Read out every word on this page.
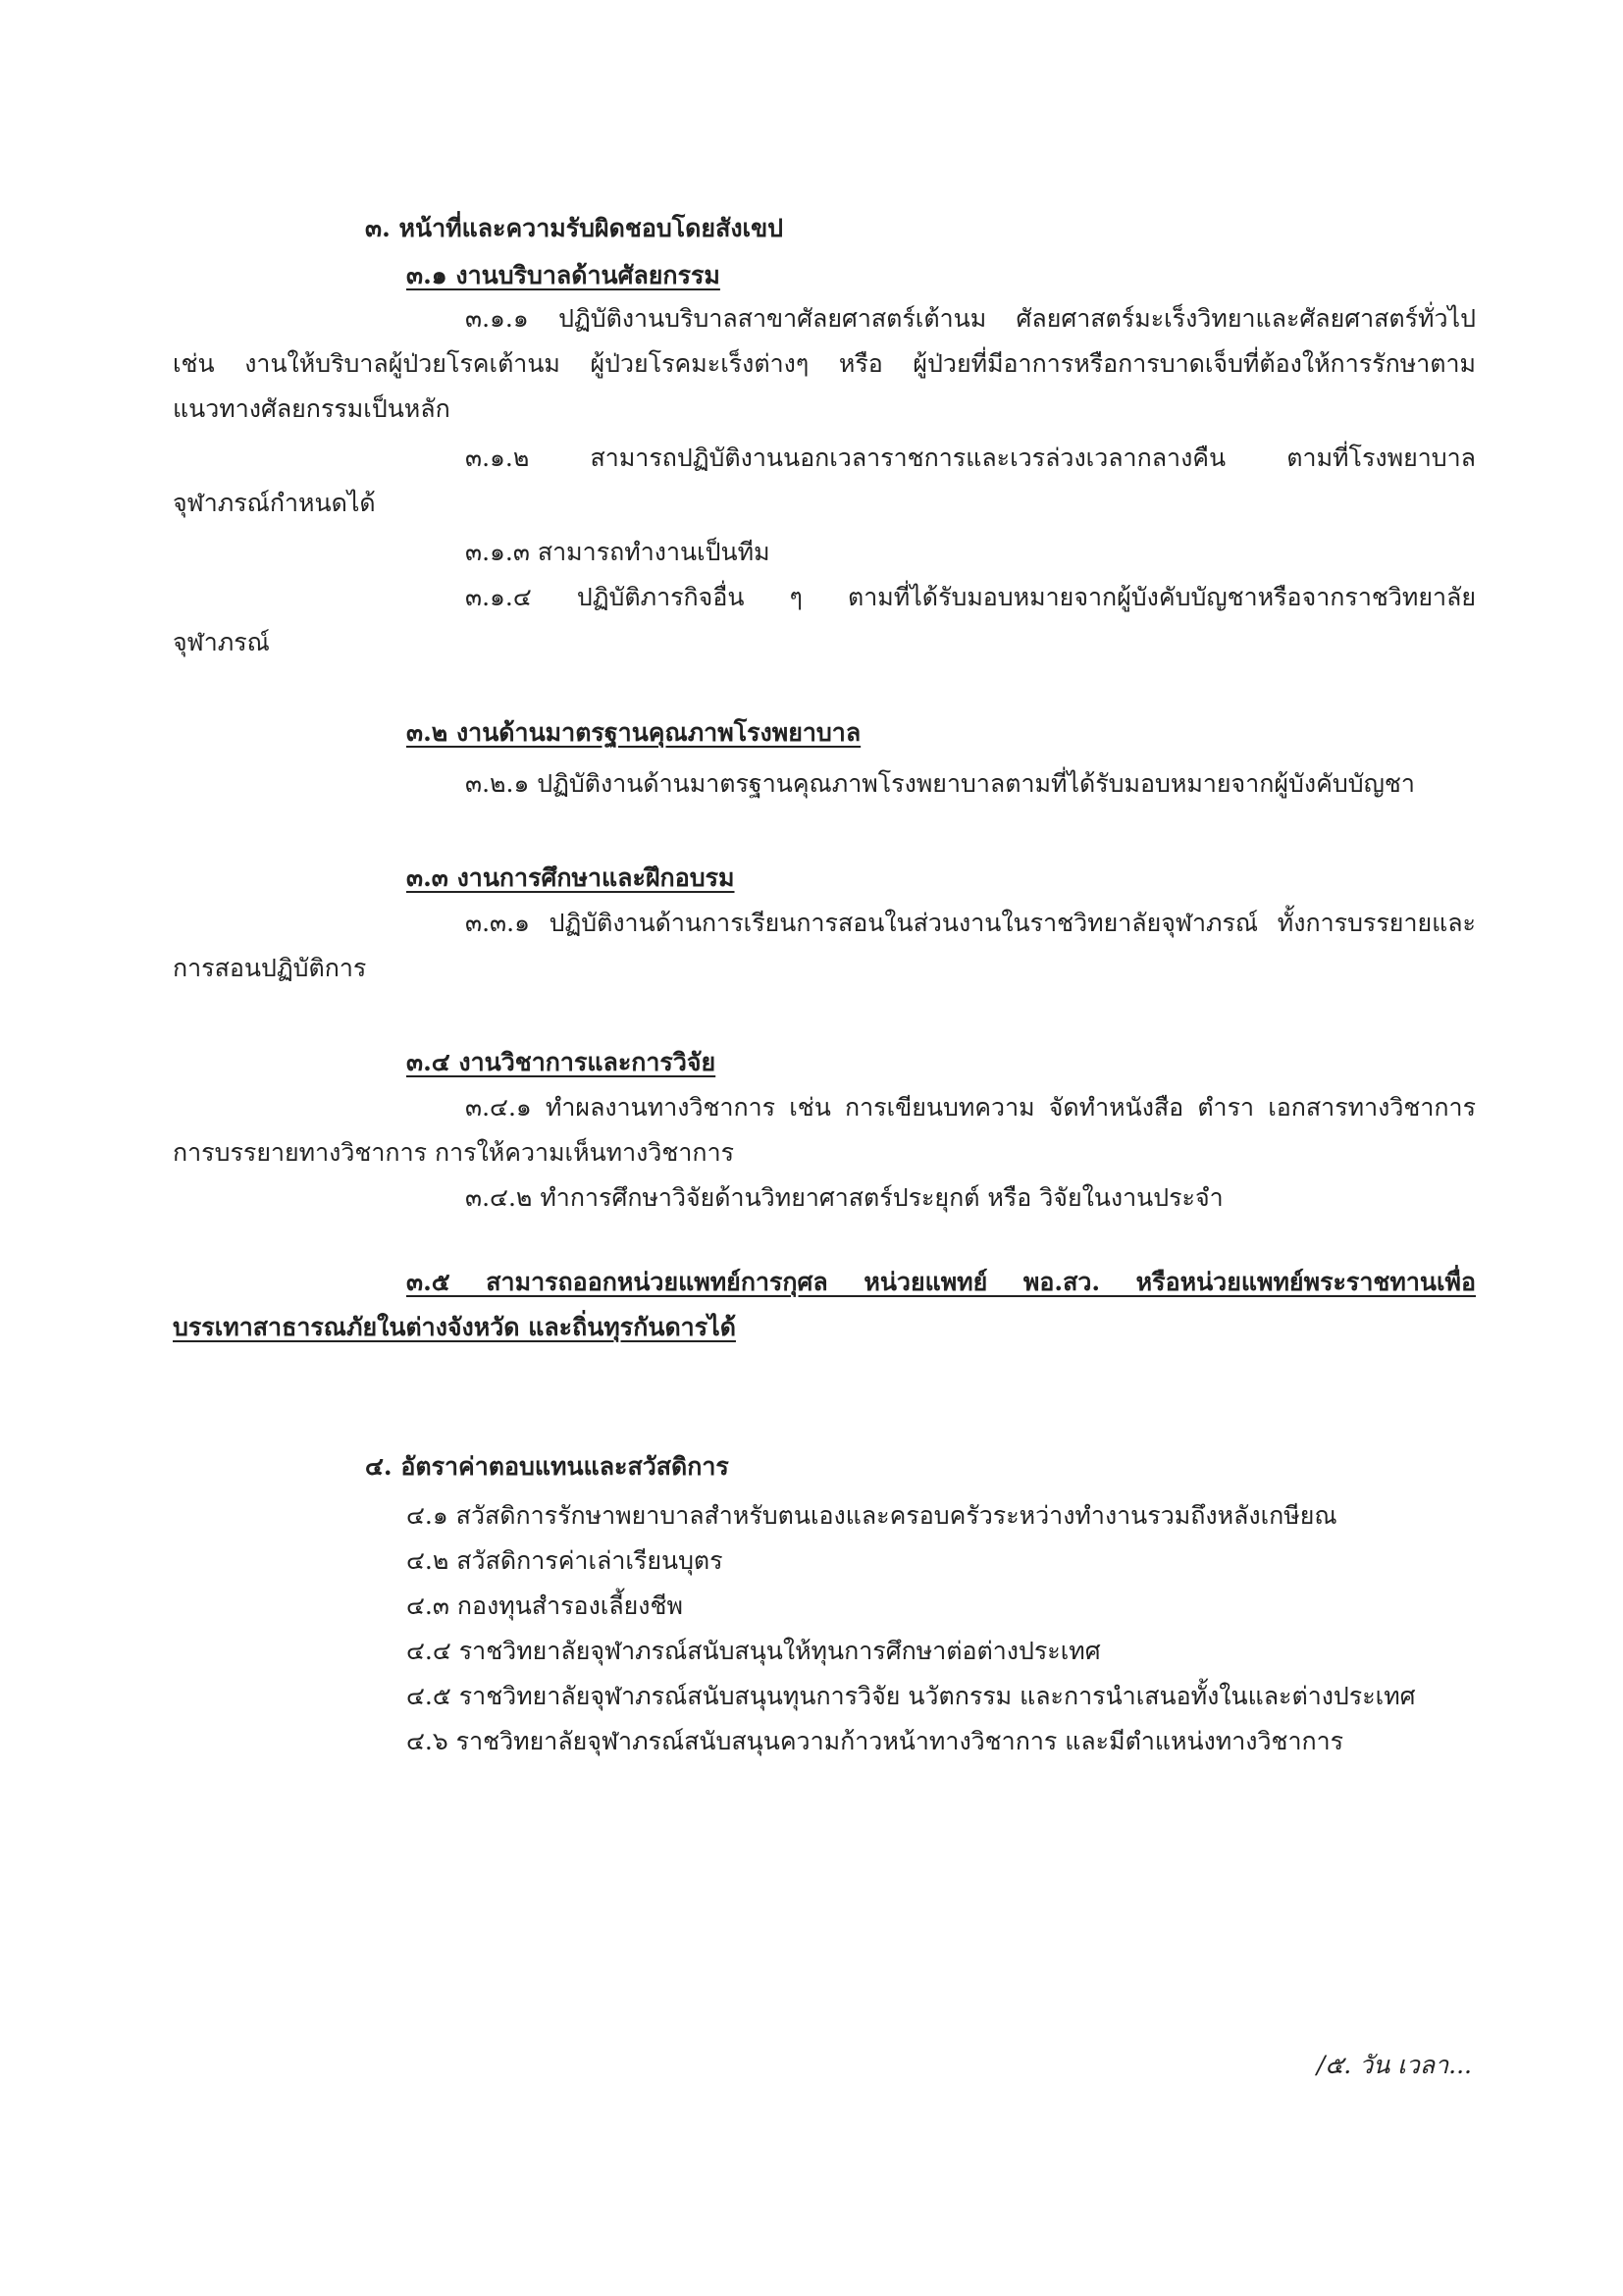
๓. หน้าที่และความรับผิดชอบโดยสังเขป
๓.๑ งานบริบาลด้านศัลยกรรม
๓.๑.๑ ปฏิบัติงานบริบาลสาขาศัลยศาสตร์เต้านม ศัลยศาสตร์มะเร็งวิทยาและศัลยศาสตร์ทั่วไป
เช่น งานให้บริบาลผู้ป่วยโรคเต้านม ผู้ป่วยโรคมะเร็งต่างๆ หรือ ผู้ป่วยที่มีอาการหรือการบาดเจ็บที่ต้องให้การรักษาตาม
แนวทางศัลยกรรมเป็นหลัก
๓.๑.๒ สามารถปฏิบัติงานนอกเวลาราชการและเวรล่วงเวลากลางคืน ตามที่โรงพยาบาล
จุฬาภรณ์กำหนดได้
๓.๑.๓ สามารถทำงานเป็นทีม
๓.๑.๔ ปฏิบัติภารกิจอื่น ๆ ตามที่ได้รับมอบหมายจากผู้บังคับบัญชาหรือจากราชวิทยาลัย
จุฬาภรณ์
๓.๒ งานด้านมาตรฐานคุณภาพโรงพยาบาล
๓.๒.๑ ปฏิบัติงานด้านมาตรฐานคุณภาพโรงพยาบาลตามที่ได้รับมอบหมายจากผู้บังคับบัญชา
๓.๓ งานการศึกษาและฝึกอบรม
๓.๓.๑ ปฏิบัติงานด้านการเรียนการสอนในส่วนงานในราชวิทยาลัยจุฬาภรณ์ ทั้งการบรรยายและ
การสอนปฏิบัติการ
๓.๔ งานวิชาการและการวิจัย
๓.๔.๑ ทำผลงานทางวิชาการ เช่น การเขียนบทความ จัดทำหนังสือ ตำรา เอกสารทางวิชาการ
การบรรยายทางวิชาการ การให้ความเห็นทางวิชาการ
๓.๔.๒ ทำการศึกษาวิจัยด้านวิทยาศาสตร์ประยุกต์ หรือ วิจัยในงานประจำ
๓.๕ สามารถออกหน่วยแพทย์การกุศล หน่วยแพทย์ พอ.สว. หรือหน่วยแพทย์พระราชทานเพื่อ
บรรเทาสาธารณภัยในต่างจังหวัด และถิ่นทุรกันดารได้
๔. อัตราค่าตอบแทนและสวัสดิการ
๔.๑ สวัสดิการรักษาพยาบาลสำหรับตนเองและครอบครัวระหว่างทำงานรวมถึงหลังเกษียณ
๔.๒ สวัสดิการค่าเล่าเรียนบุตร
๔.๓ กองทุนสำรองเลี้ยงชีพ
๔.๔ ราชวิทยาลัยจุฬาภรณ์สนับสนุนให้ทุนการศึกษาต่อต่างประเทศ
๔.๕ ราชวิทยาลัยจุฬาภรณ์สนับสนุนทุนการวิจัย นวัตกรรม และการนำเสนอทั้งในและต่างประเทศ
๔.๖ ราชวิทยาลัยจุฬาภรณ์สนับสนุนความก้าวหน้าทางวิชาการ และมีตำแหน่งทางวิชาการ
/๕. วัน เวลา...
